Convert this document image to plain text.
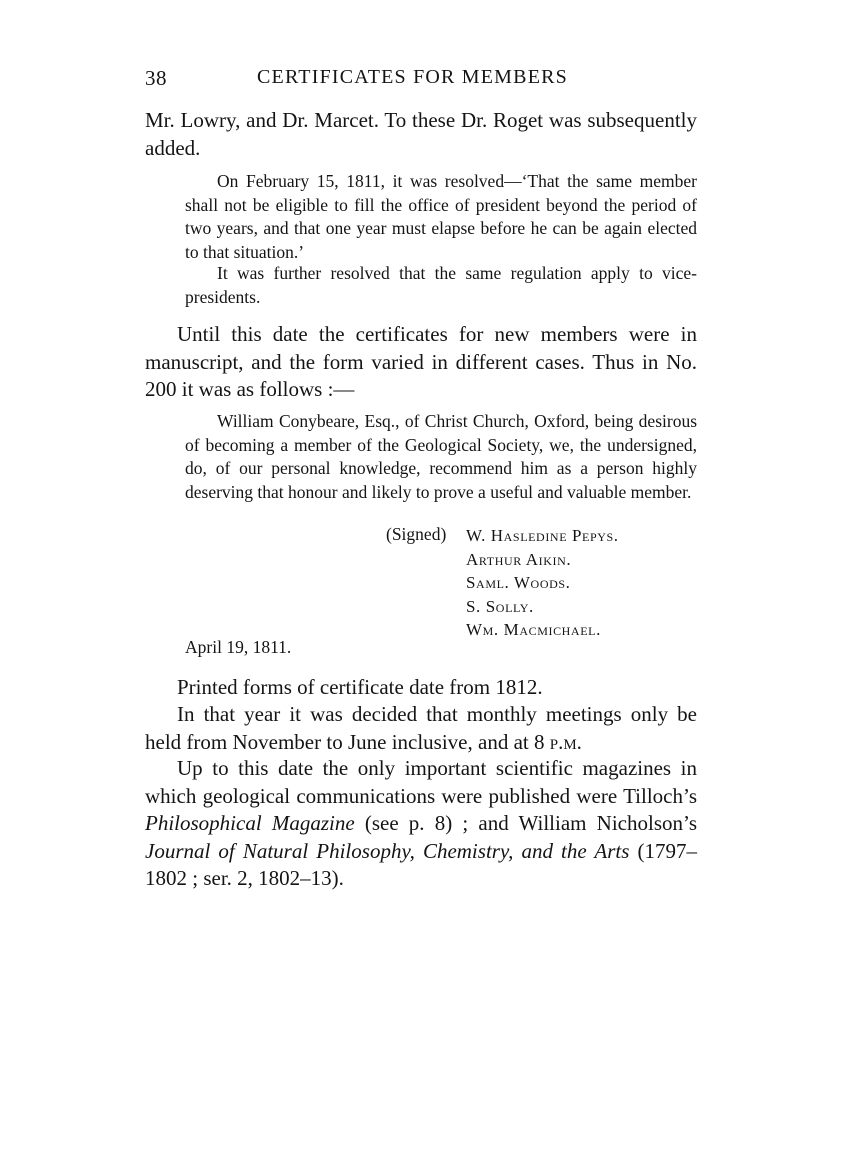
38	CERTIFICATES FOR MEMBERS

Mr. Lowry, and Dr. Marcet. To these Dr. Roget was subsequently added.

On February 15, 1811, it was resolved—‘That the same member shall not be eligible to fill the office of president beyond the period of two years, and that one year must elapse before he can be again elected to that situation.’

It was further resolved that the same regulation apply to vice-presidents.

Until this date the certificates for new members were in manuscript, and the form varied in different cases. Thus in No. 200 it was as follows :—

William Conybeare, Esq., of Christ Church, Oxford, being desirous of becoming a member of the Geological Society, we, the undersigned, do, of our personal knowledge, recommend him as a person highly deserving that honour and likely to prove a useful and valuable member.

(Signed) W. Hasledine Pepys.
Arthur Aikin.
Saml. Woods.
S. Solly.
Wm. Macmichael.
April 19, 1811.

Printed forms of certificate date from 1812.

In that year it was decided that monthly meetings only be held from November to June inclusive, and at 8 p.m.

Up to this date the only important scientific magazines in which geological communications were published were Tilloch’s Philosophical Magazine (see p. 8) ; and William Nicholson’s Journal of Natural Philosophy, Chemistry, and the Arts (1797–1802 ; ser. 2, 1802–13).
